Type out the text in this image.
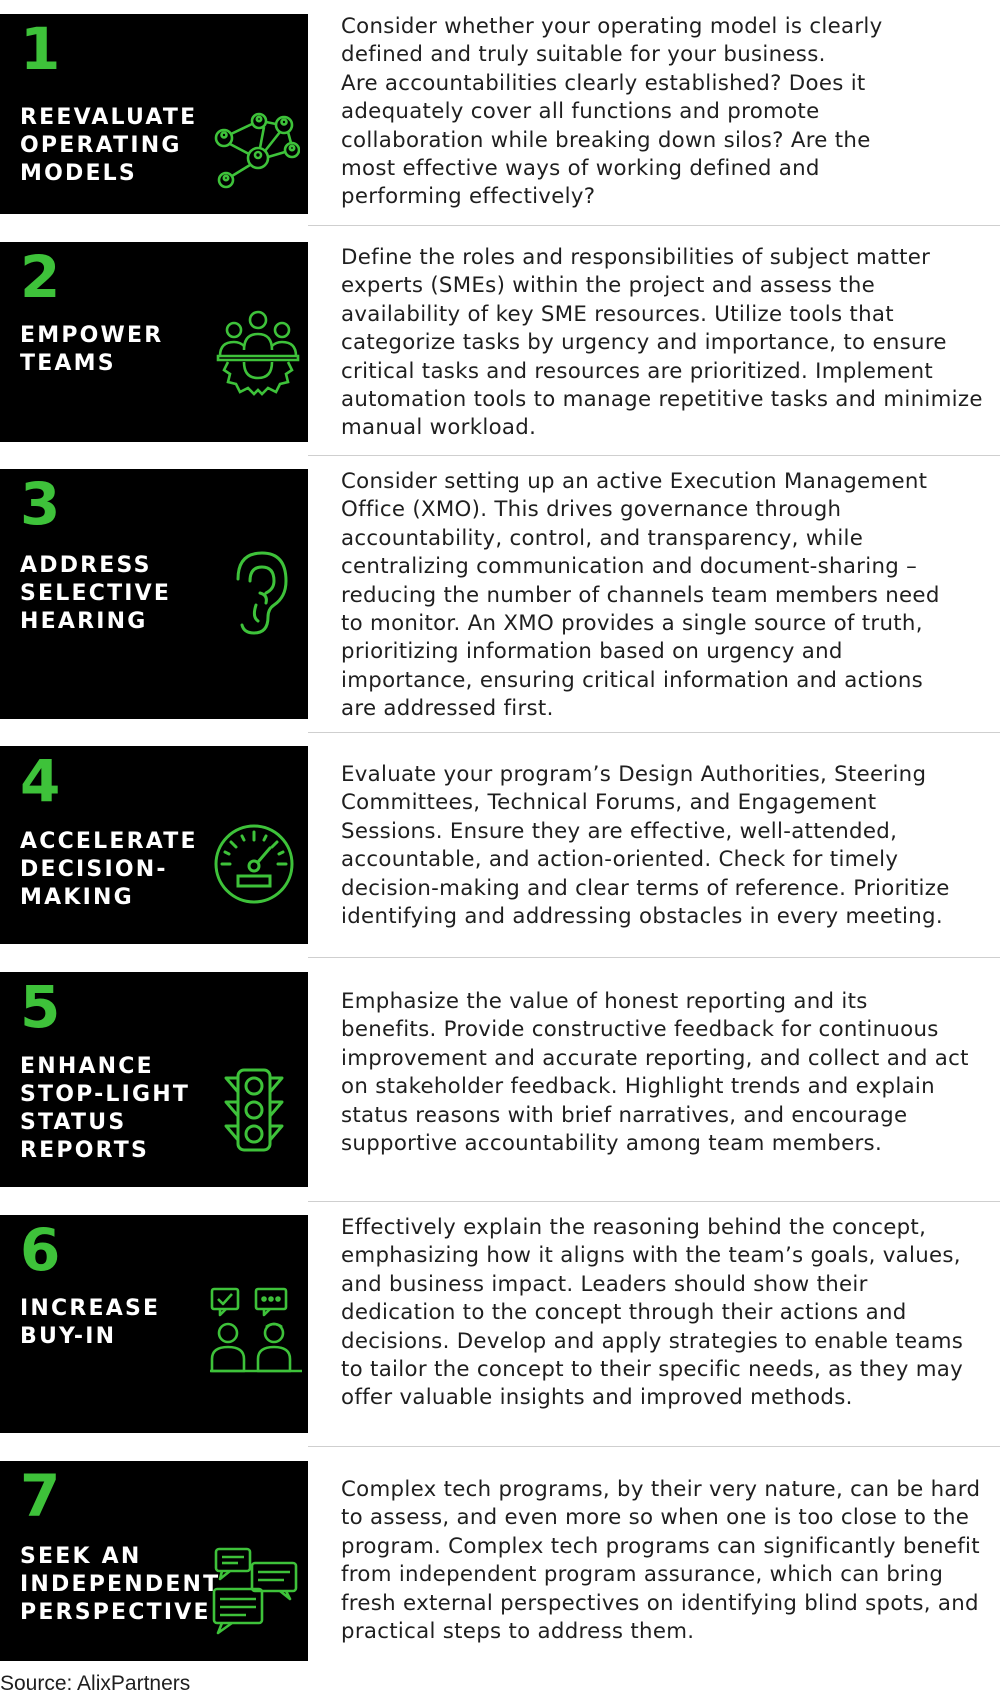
1
REEVALUATE
OPERATING
MODELS
Consider whether your operating model is clearly
defined and truly suitable for your business.
Are accountabilities clearly established? Does it
adequately cover all functions and promote
collaboration while breaking down silos? Are the
most effective ways of working defined and
performing effectively?
2
EMPOWER
TEAMS
Define the roles and responsibilities of subject matter
experts (SMEs) within the project and assess the
availability of key SME resources. Utilize tools that
categorize tasks by urgency and importance, to ensure
critical tasks and resources are prioritized. Implement
automation tools to manage repetitive tasks and minimize
manual workload.
3
ADDRESS
SELECTIVE
HEARING
Consider setting up an active Execution Management
Office (XMO). This drives governance through
accountability, control, and transparency, while
centralizing communication and document-sharing –
reducing the number of channels team members need
to monitor. An XMO provides a single source of truth,
prioritizing information based on urgency and
importance, ensuring critical information and actions
are addressed first.
4
ACCELERATE
DECISION-
MAKING
Evaluate your program’s Design Authorities, Steering
Committees, Technical Forums, and Engagement
Sessions. Ensure they are effective, well-attended,
accountable, and action-oriented. Check for timely
decision-making and clear terms of reference. Prioritize
identifying and addressing obstacles in every meeting.
5
ENHANCE
STOP-LIGHT
STATUS
REPORTS
Emphasize the value of honest reporting and its
benefits. Provide constructive feedback for continuous
improvement and accurate reporting, and collect and act
on stakeholder feedback. Highlight trends and explain
status reasons with brief narratives, and encourage
supportive accountability among team members.
6
INCREASE
BUY-IN
Effectively explain the reasoning behind the concept,
emphasizing how it aligns with the team’s goals, values,
and business impact. Leaders should show their
dedication to the concept through their actions and
decisions. Develop and apply strategies to enable teams
to tailor the concept to their specific needs, as they may
offer valuable insights and improved methods.
7
SEEK AN
INDEPENDENT
PERSPECTIVE
Complex tech programs, by their very nature, can be hard
to assess, and even more so when one is too close to the
program. Complex tech programs can significantly benefit
from independent program assurance, which can bring
fresh external perspectives on identifying blind spots, and
practical steps to address them.
Source: AlixPartners
